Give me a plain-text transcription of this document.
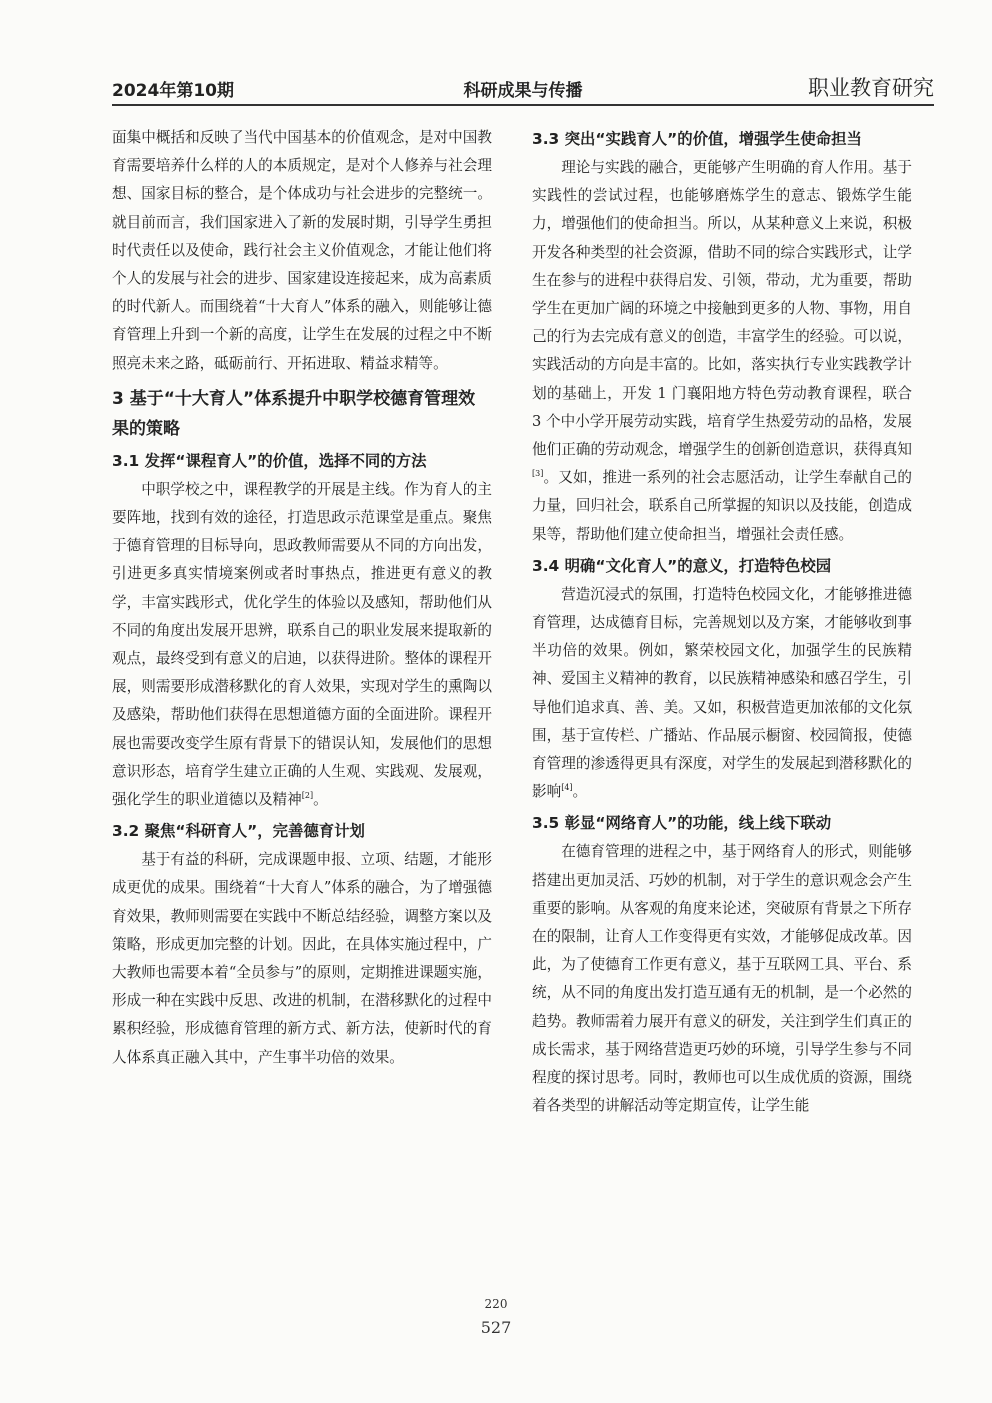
2024年第10期	科研成果与传播	职业教育研究

面集中概括和反映了当代中国基本的价值观念，是对中国教育需要培养什么样的人的本质规定，是对个人修养与社会理想、国家目标的整合，是个体成功与社会进步的完整统一。就目前而言，我们国家进入了新的发展时期，引导学生勇担时代责任以及使命，践行社会主义价值观念，才能让他们将个人的发展与社会的进步、国家建设连接起来，成为高素质的时代新人。而围绕着“十大育人”体系的融入，则能够让德育管理上升到一个新的高度，让学生在发展的过程之中不断照亮未来之路，砥砺前行、开拓进取、精益求精等。

3 基于“十大育人”体系提升中职学校德育管理效果的策略
3.1 发挥“课程育人”的价值，选择不同的方法

中职学校之中，课程教学的开展是主线。作为育人的主要阵地，找到有效的途径，打造思政示范课堂是重点。聚焦于德育管理的目标导向，思政教师需要从不同的方向出发，引进更多真实情境案例或者时事热点，推进更有意义的教学，丰富实践形式，优化学生的体验以及感知，帮助他们从不同的角度出发展开思辨，联系自己的职业发展来提取新的观点，最终受到有意义的启迪，以获得进阶。整体的课程开展，则需要形成潜移默化的育人效果，实现对学生的熏陶以及感染，帮助他们获得在思想道德方面的全面进阶。课程开展也需要改变学生原有背景下的错误认知，发展他们的思想意识形态，培育学生建立正确的人生观、实践观、发展观，强化学生的职业道德以及精神[2]。

3.2 聚焦“科研育人”，完善德育计划

基于有益的科研，完成课题申报、立项、结题，才能形成更优的成果。围绕着“十大育人”体系的融合，为了增强德育效果，教师则需要在实践中不断总结经验，调整方案以及策略，形成更加完整的计划。因此，在具体实施过程中，广大教师也需要本着“全员参与”的原则，定期推进课题实施，形成一种在实践中反思、改进的机制，在潜移默化的过程中累积经验，形成德育管理的新方式、新方法，使新时代的育人体系真正融入其中，产生事半功倍的效果。

3.3 突出“实践育人”的价值，增强学生使命担当

理论与实践的融合，更能够产生明确的育人作用。基于实践性的尝试过程，也能够磨炼学生的意志、锻炼学生能力，增强他们的使命担当。所以，从某种意义上来说，积极开发各种类型的社会资源，借助不同的综合实践形式，让学生在参与的进程中获得启发、引领，带动，尤为重要，帮助学生在更加广阔的环境之中接触到更多的人物、事物，用自己的行为去完成有意义的创造，丰富学生的经验。可以说，实践活动的方向是丰富的。比如，落实执行专业实践教学计划的基础上，开发 1 门襄阳地方特色劳动教育课程，联合 3 个中小学开展劳动实践，培育学生热爱劳动的品格，发展他们正确的劳动观念，增强学生的创新创造意识，获得真知[3]。又如，推进一系列的社会志愿活动，让学生奉献自己的力量，回归社会，联系自己所掌握的知识以及技能，创造成果等，帮助他们建立使命担当，增强社会责任感。

3.4 明确“文化育人”的意义，打造特色校园

营造沉浸式的氛围，打造特色校园文化，才能够推进德育管理，达成德育目标，完善规划以及方案，才能够收到事半功倍的效果。例如，繁荣校园文化，加强学生的民族精神、爱国主义精神的教育，以民族精神感染和感召学生，引导他们追求真、善、美。又如，积极营造更加浓郁的文化氛围，基于宣传栏、广播站、作品展示橱窗、校园简报，使德育管理的渗透得更具有深度，对学生的发展起到潜移默化的影响[4]。

3.5 彰显“网络育人”的功能，线上线下联动

在德育管理的进程之中，基于网络育人的形式，则能够搭建出更加灵活、巧妙的机制，对于学生的意识观念会产生重要的影响。从客观的角度来论述，突破原有背景之下所存在的限制，让育人工作变得更有实效，才能够促成改革。因此，为了使德育工作更有意义，基于互联网工具、平台、系统，从不同的角度出发打造互通有无的机制，是一个必然的趋势。教师需着力展开有意义的研发，关注到学生们真正的成长需求，基于网络营造更巧妙的环境，引导学生参与不同程度的探讨思考。同时，教师也可以生成优质的资源，围绕着各类型的讲解活动等定期宣传，让学生能

220
527
